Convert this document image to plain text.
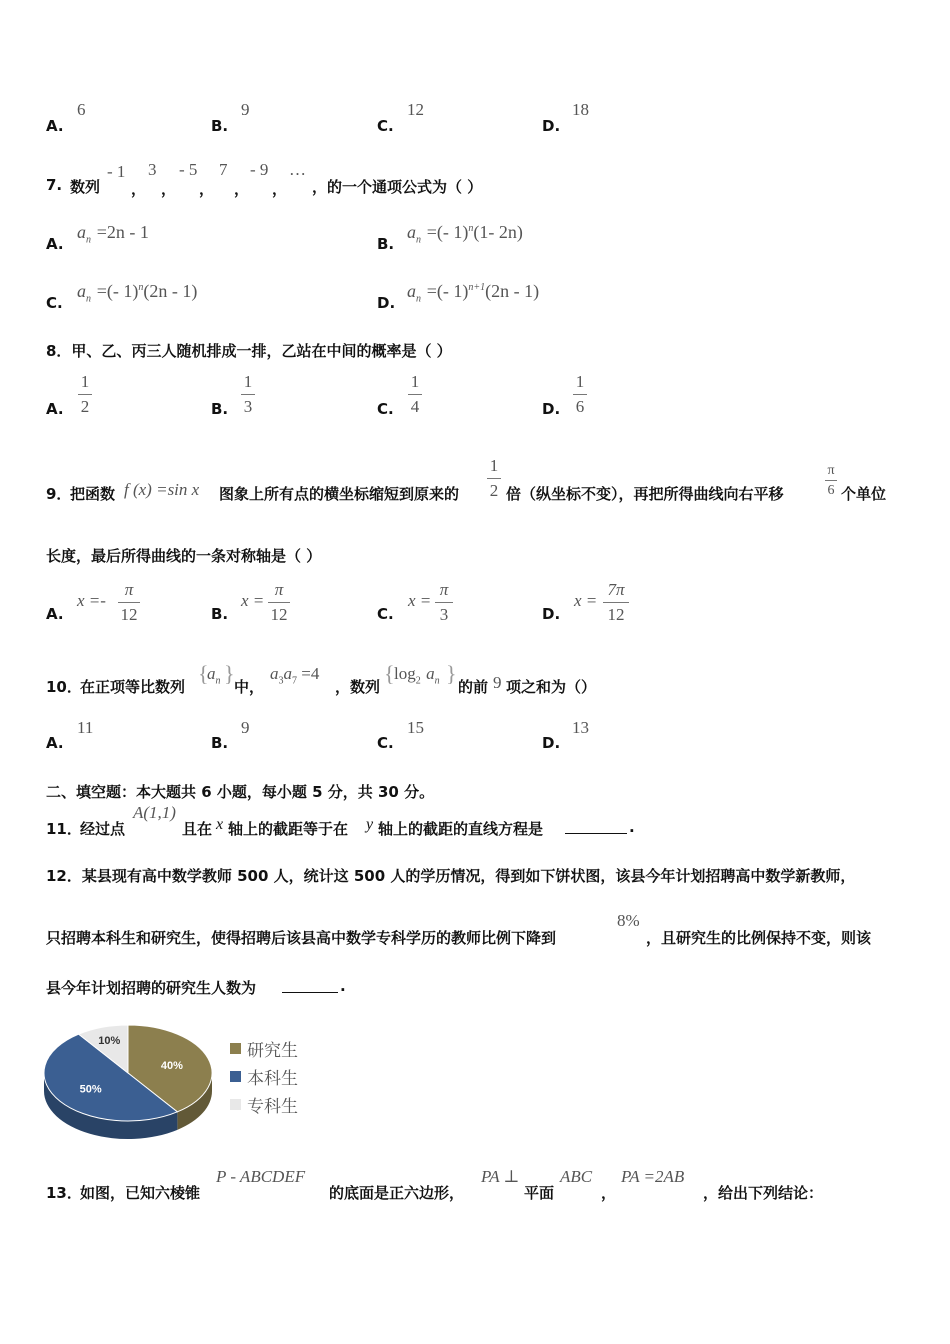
A.
6
B.
9
C.
12
D.
18
7. 数列
- 1
，
3
，
- 5
，
7
，
- 9
，
…
，的一个通项公式为（ ）
A.
$a_n =2n - 1$
B.
$a_n$ =(- 1)$^n$(1- 2n)
C.
$a_n$ =(- 1)$^n$(2n - 1)
D.
$a_n$ =(- 1)$^{n+1}$(2n - 1)
8．甲、乙、丙三人随机排成一排，乙站在中间的概率是（ ）
A.
1
2	B.
1
3	C.
1
4	D.
1
6
9．
把函数 f (x) =sin x 图象上所有点的横坐标缩短到原来的
1
2 倍（纵坐标不变），再把所得曲线向右平移
π
6 个单位
长度，最后所得曲线的一条对称轴是（ ）
A.
x =-
π
12	B.
x =
π
12	C.
x =
π
3	D.
x =
7π
12
10．
在正项等比数列
{
$a_n$ }
中，
$a_3a_7 =4$
，数列
{ $\log_2 a_n$ }
的前 9 项之和为（）
A.
11
B.
9
C.
15
D.
13
二、填空题：本大题共 6 小题，每小题 5 分，共 30 分。
11．
经过点
A(1,1)
且在 x 轴上的截距等于在 y 轴上的截距的直线方程是	.
12．某县现有高中数学教师 500 人，统计这 500 人的学历情况，得到如下饼状图，该县今年计划招聘高中数学新教师，
只招聘本科生和研究生，使得招聘后该县高中数学专科学历的教师比例下降到
8%
，且研究生的比例保持不变，则该
县今年计划招聘的研究生人数为	.
40%
50%
10%	研究生
本科生
专科生
13．
如图，已知六棱锥
P - ABCDEF
的底面是正六边形，
PA ⊥
平面
ABC
，
PA =2AB
，给出下列结论：
